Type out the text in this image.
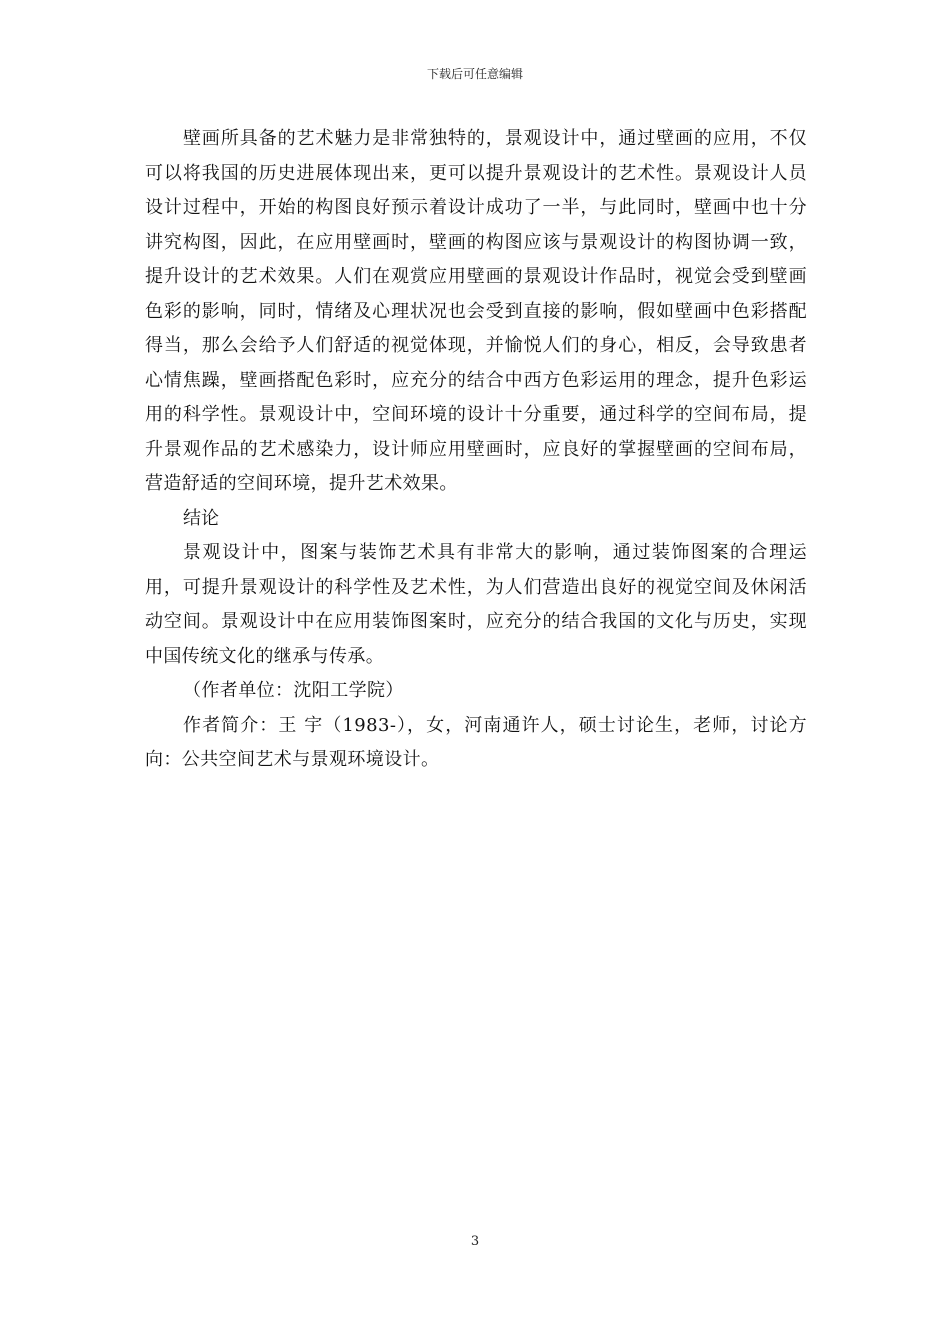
下载后可任意编辑

壁画所具备的艺术魅力是非常独特的，景观设计中，通过壁画的应用，不仅可以将我国的历史进展体现出来，更可以提升景观设计的艺术性。景观设计人员设计过程中，开始的构图良好预示着设计成功了一半，与此同时，壁画中也十分讲究构图，因此，在应用壁画时，壁画的构图应该与景观设计的构图协调一致，提升设计的艺术效果。人们在观赏应用壁画的景观设计作品时，视觉会受到壁画色彩的影响，同时，情绪及心理状况也会受到直接的影响，假如壁画中色彩搭配得当，那么会给予人们舒适的视觉体现，并愉悦人们的身心，相反，会导致患者心情焦躁，壁画搭配色彩时，应充分的结合中西方色彩运用的理念，提升色彩运用的科学性。景观设计中，空间环境的设计十分重要，通过科学的空间布局，提升景观作品的艺术感染力，设计师应用壁画时，应良好的掌握壁画的空间布局，营造舒适的空间环境，提升艺术效果。

结论

景观设计中，图案与装饰艺术具有非常大的影响，通过装饰图案的合理运用，可提升景观设计的科学性及艺术性，为人们营造出良好的视觉空间及休闲活动空间。景观设计中在应用装饰图案时，应充分的结合我国的文化与历史，实现中国传统文化的继承与传承。

（作者单位：沈阳工学院）

作者简介：王 宇（1983-），女，河南通许人，硕士讨论生，老师，讨论方向：公共空间艺术与景观环境设计。

3
